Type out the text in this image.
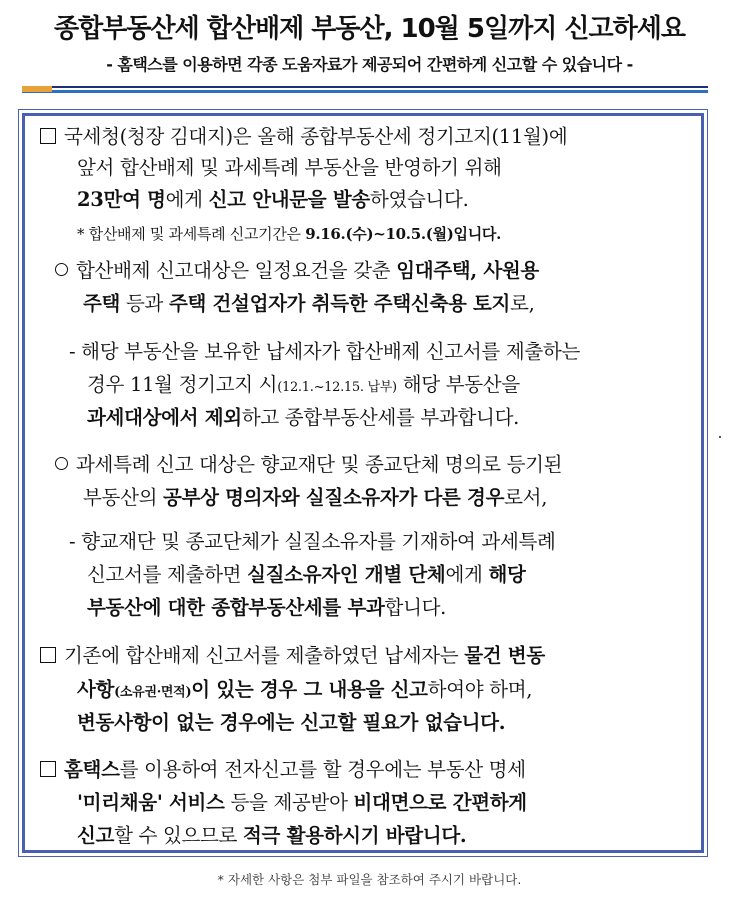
종합부동산세 합산배제 부동산, 10월 5일까지 신고하세요
- 홈택스를 이용하면 각종 도움자료가 제공되어 간편하게 신고할 수 있습니다 -
국세청(청장 김대지)은 올해 종합부동산세 정기고지(11월)에
앞서 합산배제 및 과세특례 부동산을 반영하기 위해
23만여 명에게 신고 안내문을 발송하였습니다.
* 합산배제 및 과세특례 신고기간은 9.16.(수)~10.5.(월)입니다.
합산배제 신고대상은 일정요건을 갖춘 임대주택, 사원용
주택 등과 주택 건설업자가 취득한 주택신축용 토지로,
- 해당 부동산을 보유한 납세자가 합산배제 신고서를 제출하는
경우 11월 정기고지 시(12.1.~12.15. 납부) 해당 부동산을
과세대상에서 제외하고 종합부동산세를 부과합니다.
과세특례 신고 대상은 향교재단 및 종교단체 명의로 등기된
부동산의 공부상 명의자와 실질소유자가 다른 경우로서,
- 향교재단 및 종교단체가 실질소유자를 기재하여 과세특례
신고서를 제출하면 실질소유자인 개별 단체에게 해당
부동산에 대한 종합부동산세를 부과합니다.
기존에 합산배제 신고서를 제출하였던 납세자는 물건 변동
사항(소유권·면적)이 있는 경우 그 내용을 신고하여야 하며,
변동사항이 없는 경우에는 신고할 필요가 없습니다.
홈택스를 이용하여 전자신고를 할 경우에는 부동산 명세
'미리채움' 서비스 등을 제공받아 비대면으로 간편하게
신고할 수 있으므로 적극 활용하시기 바랍니다.
* 자세한 사항은 첨부 파일을 참조하여 주시기 바랍니다.
